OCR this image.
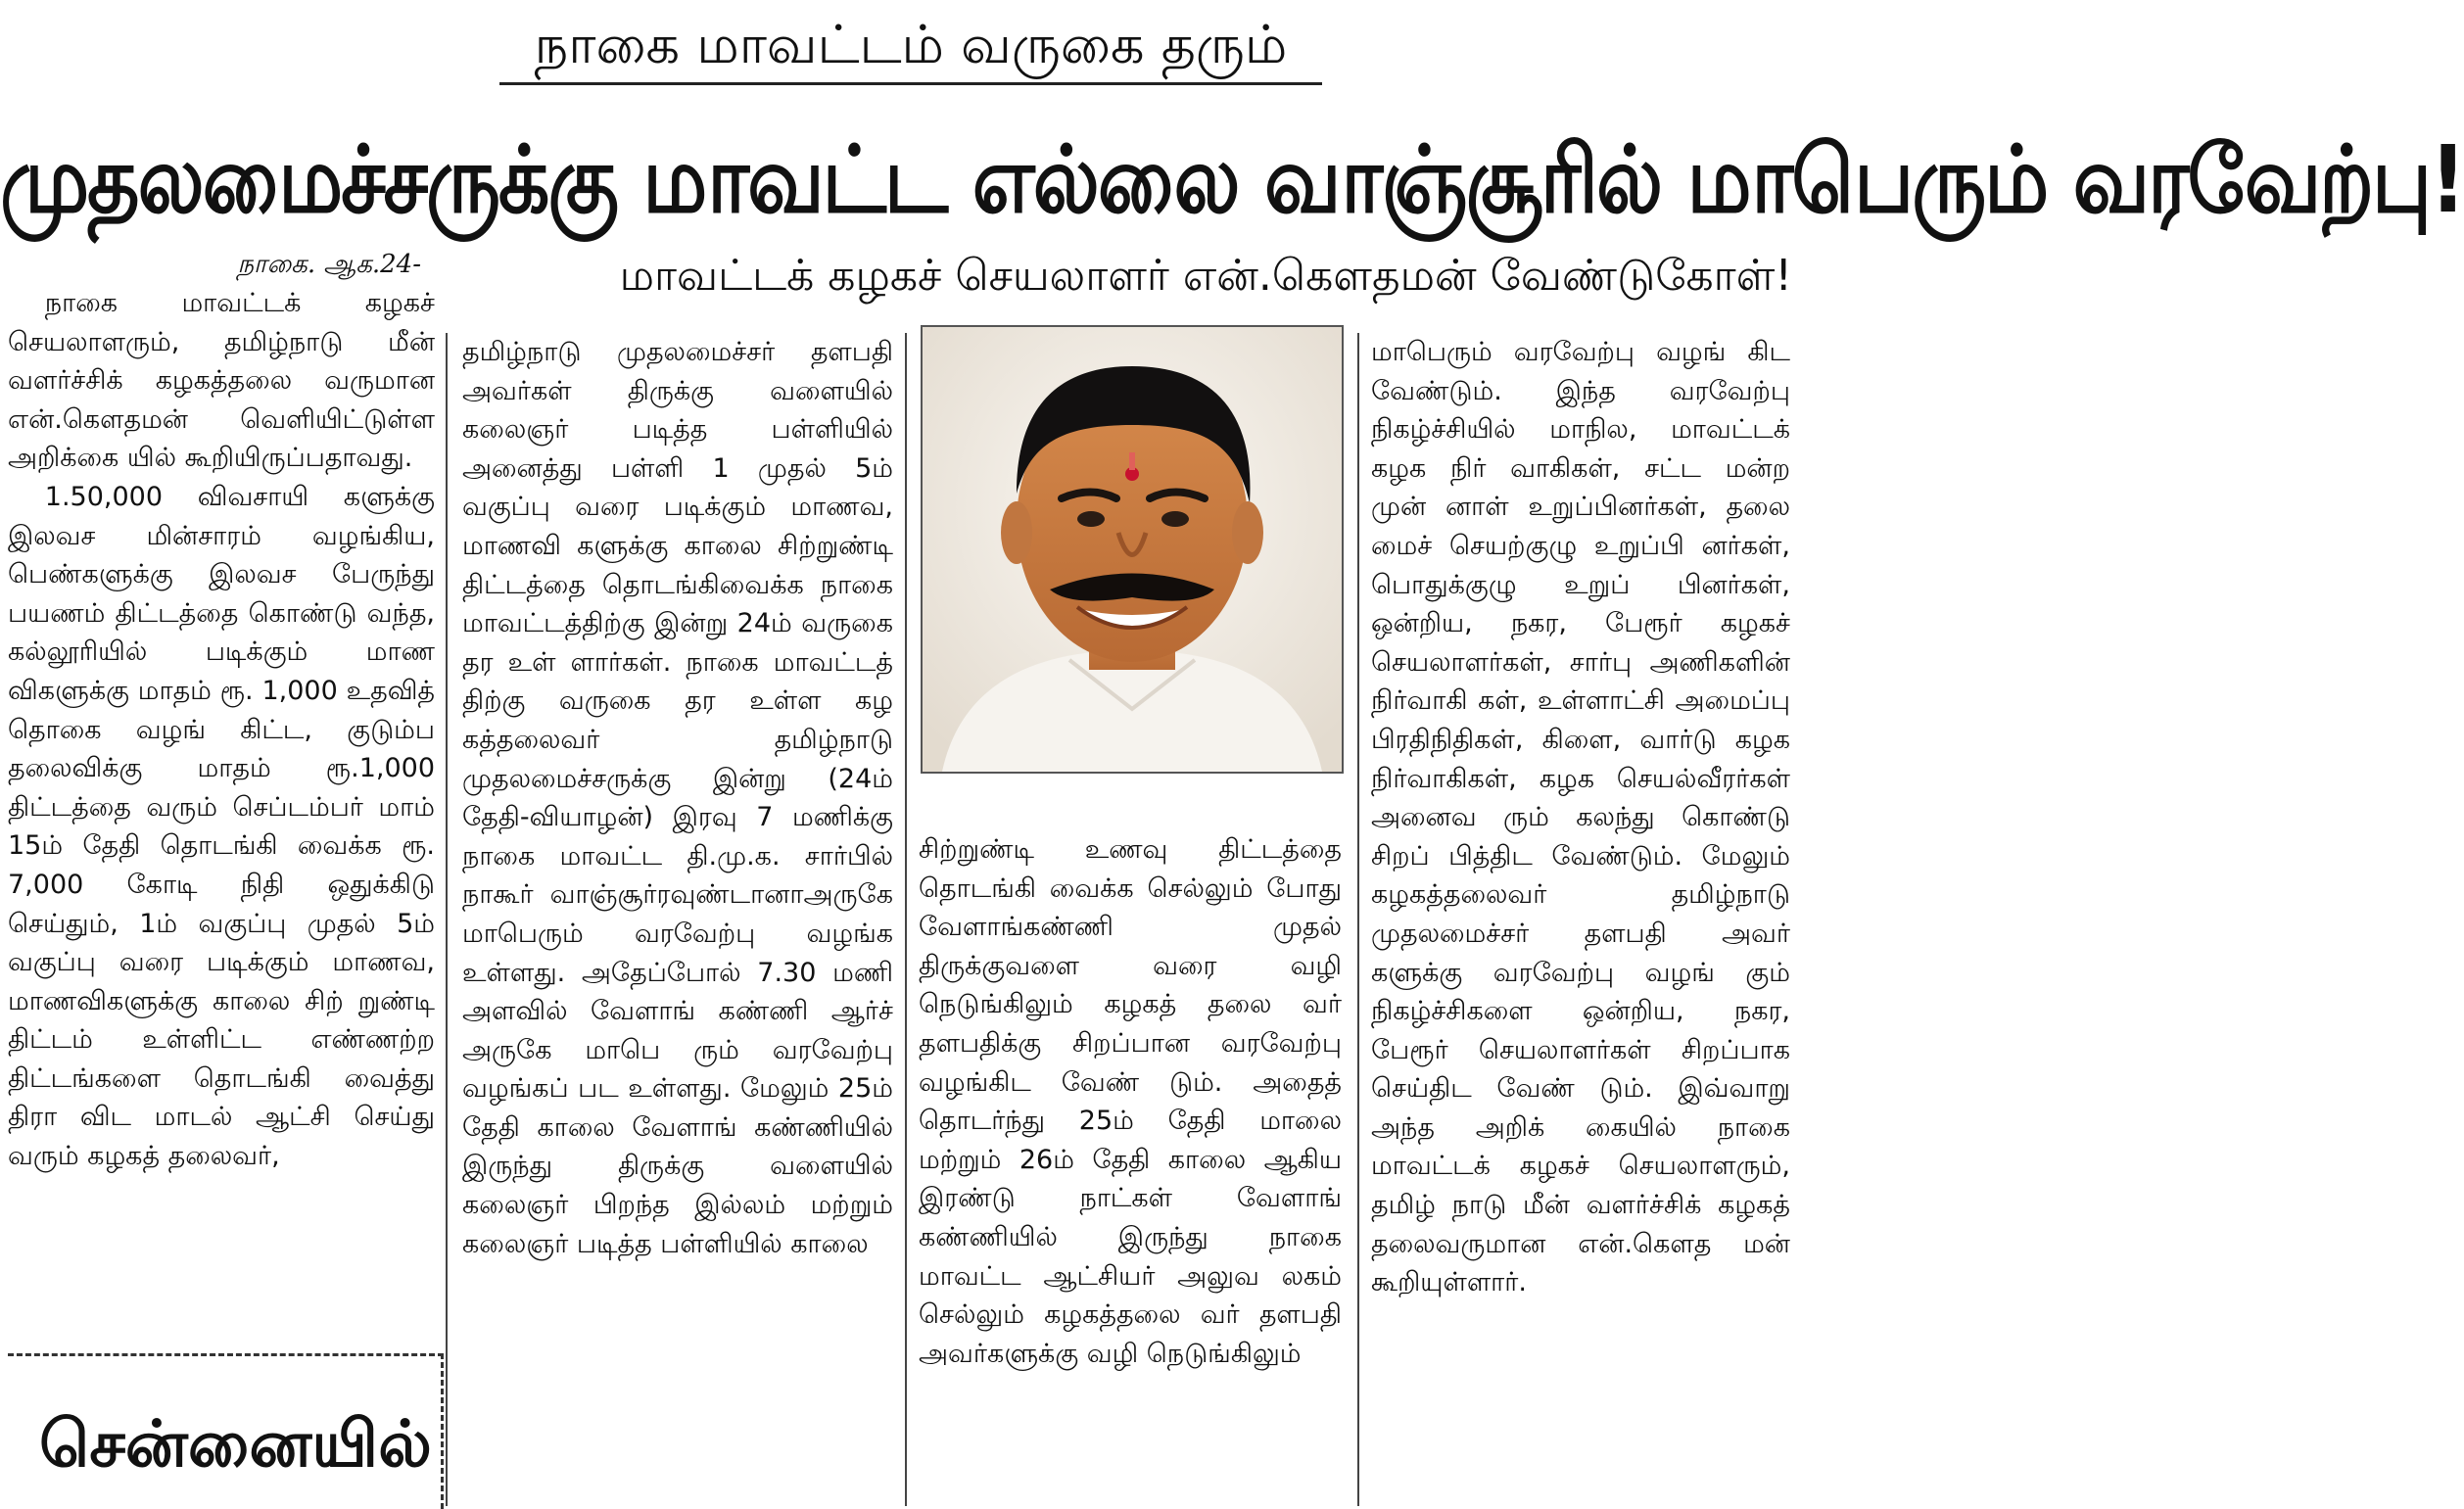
நாகை மாவட்டம் வருகை தரும்
முதலமைச்சருக்கு மாவட்ட எல்லை வாஞ்சூரில் மாபெரும் வரவேற்பு!
நாகை. ஆக.24-	மாவட்டக் கழகச் செயலாளர் என்.கௌதமன் வேண்டுகோள்!

நாகை மாவட்டக் கழகச் செயலாளரும், தமிழ்நாடு மீன் வளர்ச்சிக் கழகத்தலை வருமான என்.கௌதமன் வெளியிட்டுள்ள அறிக்கை யில் கூறியிருப்பதாவது.

1.50,000 விவசாயி களுக்கு இலவச மின்சாரம் வழங்கிய, பெண்களுக்கு இலவச பேருந்து பயணம் திட்டத்தை கொண்டு வந்த, கல்லூரியில் படிக்கும் மாண விகளுக்கு மாதம் ரூ. 1,000 உதவித் தொகை வழங் கிட்ட, குடும்ப தலைவிக்கு மாதம் ரூ.1,000 திட்டத்தை வரும் செப்டம்பர் மாம் 15ம் தேதி தொடங்கி வைக்க ரூ. 7,000 கோடி நிதி ஒதுக்கிடு செய்தும், 1ம் வகுப்பு முதல் 5ம் வகுப்பு வரை படிக்கும் மாணவ, மாணவிகளுக்கு காலை சிற் றுண்டி திட்டம் உள்ளிட்ட எண்ணற்ற திட்டங்களை தொடங்கி வைத்து திரா விட மாடல் ஆட்சி செய்து வரும் கழகத் தலைவர்,

தமிழ்நாடு முதலமைச்சர் தளபதி அவர்கள் திருக்கு வளையில் கலைஞர் படித்த பள்ளியில் அனைத்து பள்ளி 1 முதல் 5ம் வகுப்பு வரை படிக்கும் மாணவ, மாணவி களுக்கு காலை சிற்றுண்டி திட்டத்தை தொடங்கிவைக்க நாகை மாவட்டத்திற்கு இன்று 24ம் வருகை தர உள் ளார்கள். நாகை மாவட்டத் திற்கு வருகை தர உள்ள கழ கத்தலைவர் தமிழ்நாடு முதலமைச்சருக்கு இன்று (24ம் தேதி-வியாழன்) இரவு 7 மணிக்கு நாகை மாவட்ட தி.மு.க. சார்பில் நாகூர் வாஞ்சூர்ரவுண்டானாஅருகே மாபெரும் வரவேற்பு வழங்க உள்ளது. அதேப்போல் 7.30 மணி அளவில் வேளாங் கண்ணி ஆர்ச் அருகே மாபெ ரும் வரவேற்பு வழங்கப் பட உள்ளது. மேலும் 25ம் தேதி காலை வேளாங் கண்ணியில் இருந்து திருக்கு வளையில் கலைஞர் பிறந்த இல்லம் மற்றும் கலைஞர் படித்த பள்ளியில் காலை

சிற்றுண்டி உணவு திட்டத்தை தொடங்கி வைக்க செல்லும் போது வேளாங்கண்ணி முதல் திருக்குவளை வரை வழி நெடுங்கிலும் கழகத் தலை வர் தளபதிக்கு சிறப்பான வரவேற்பு வழங்கிட வேண் டும். அதைத் தொடர்ந்து 25ம் தேதி மாலை மற்றும் 26ம் தேதி காலை ஆகிய இரண்டு நாட்கள் வேளாங் கண்ணியில் இருந்து நாகை மாவட்ட ஆட்சியர் அலுவ லகம் செல்லும் கழகத்தலை வர் தளபதி அவர்களுக்கு வழி நெடுங்கிலும்

மாபெரும் வரவேற்பு வழங் கிட வேண்டும். இந்த வரவேற்பு நிகழ்ச்சியில் மாநில, மாவட்டக் கழக நிர் வாகிகள், சட்ட மன்ற முன் னாள் உறுப்பினர்கள், தலை மைச் செயற்குழு உறுப்பி னர்கள், பொதுக்குழு உறுப் பினர்கள், ஒன்றிய, நகர, பேரூர் கழகச் செயலாளர்கள், சார்பு அணிகளின் நிர்வாகி கள், உள்ளாட்சி அமைப்பு பிரதிநிதிகள், கிளை, வார்டு கழக நிர்வாகிகள், கழக செயல்வீரர்கள் அனைவ ரும் கலந்து கொண்டு சிறப் பித்திட வேண்டும். மேலும் கழகத்தலைவர் தமிழ்நாடு முதலமைச்சர் தளபதி அவர் களுக்கு வரவேற்பு வழங் கும் நிகழ்ச்சிகளை ஒன்றிய, நகர, பேரூர் செயலாளர்கள் சிறப்பாக செய்திட வேண் டும். இவ்வாறு அந்த அறிக் கையில் நாகை மாவட்டக் கழகச் செயலாளரும், தமிழ் நாடு மீன் வளர்ச்சிக் கழகத் தலைவருமான என்.கௌத மன் கூறியுள்ளார்.

சென்னையில்
